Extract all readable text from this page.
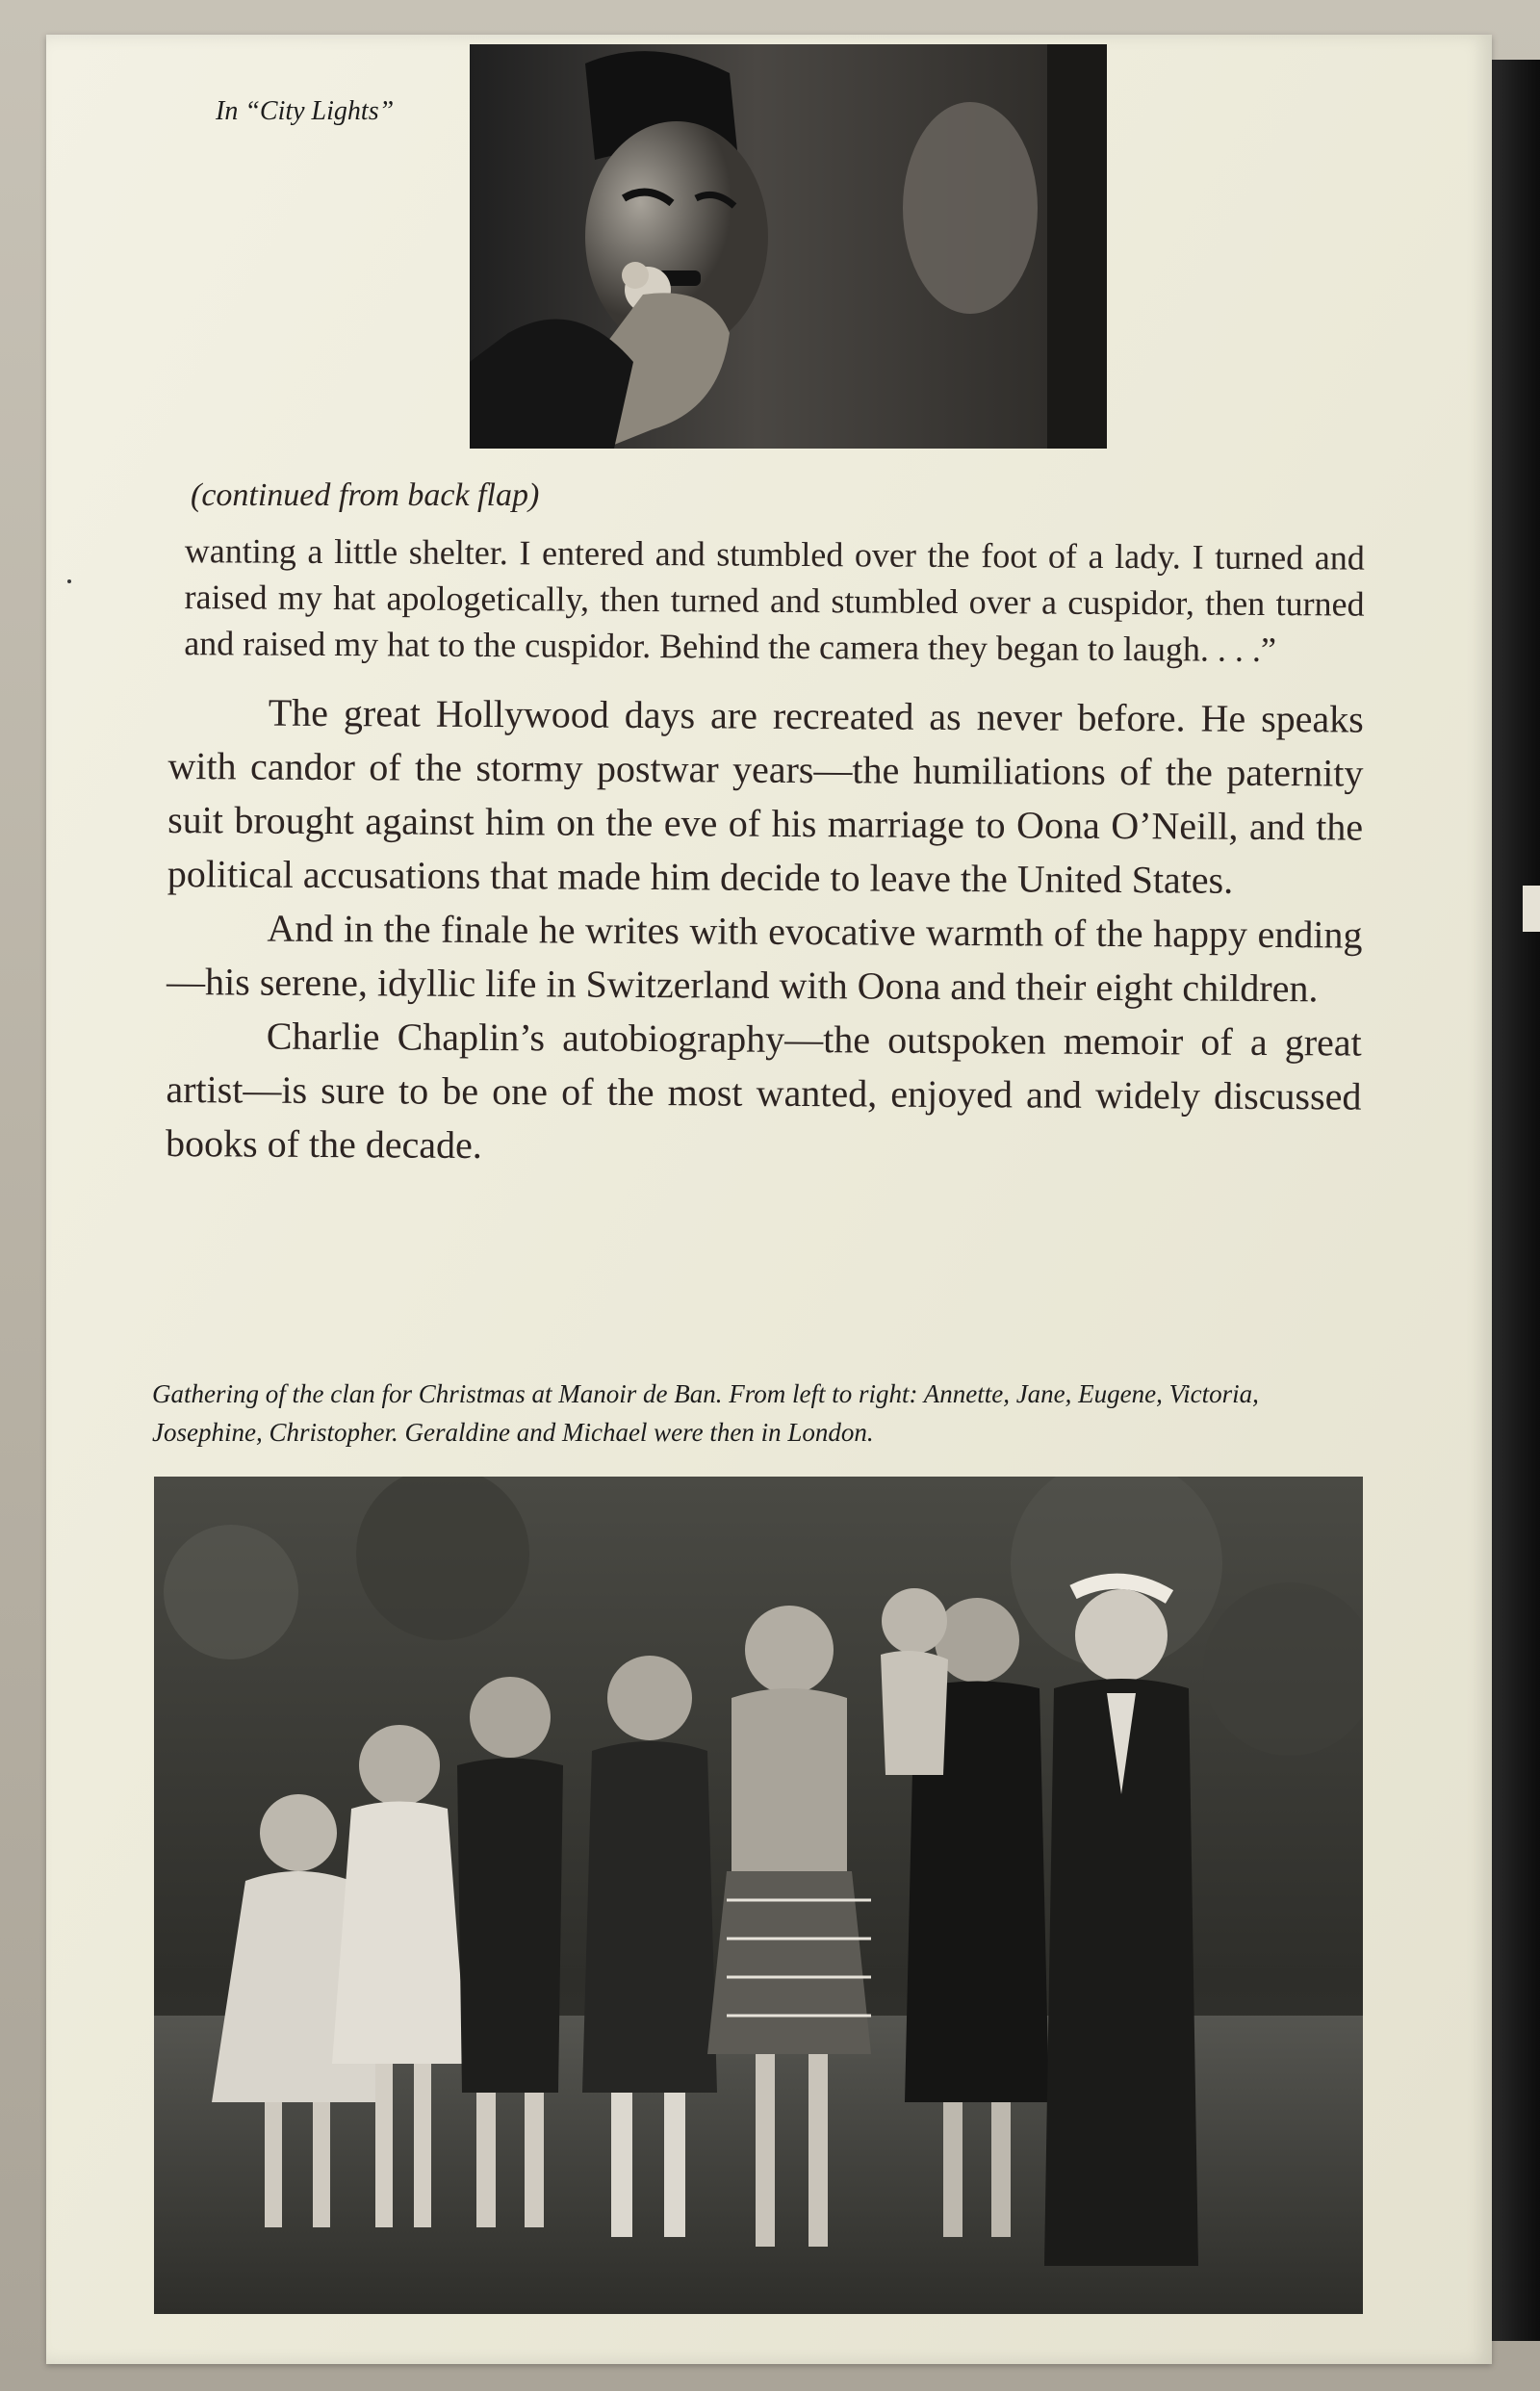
In “City Lights”
(continued from back flap)

wanting a little shelter. I entered and stumbled over the foot of a lady. I turned and raised my hat apologetically, then turned and stumbled over a cuspidor, then turned and raised my hat to the cuspidor. Behind the camera they began to laugh. . . .”

The great Hollywood days are recreated as never before. He speaks with candor of the stormy postwar years—the humiliations of the paternity suit brought against him on the eve of his marriage to Oona O’Neill, and the political accusations that made him decide to leave the United States.

And in the finale he writes with evocative warmth of the happy ending—his serene, idyllic life in Switzerland with Oona and their eight children.

Charlie Chaplin’s autobiography—the outspoken memoir of a great artist—is sure to be one of the most wanted, enjoyed and widely discussed books of the decade.

Gathering of the clan for Christmas at Manoir de Ban. From left to right: Annette, Jane, Eugene, Victoria, Josephine, Christopher. Geraldine and Michael were then in London.
